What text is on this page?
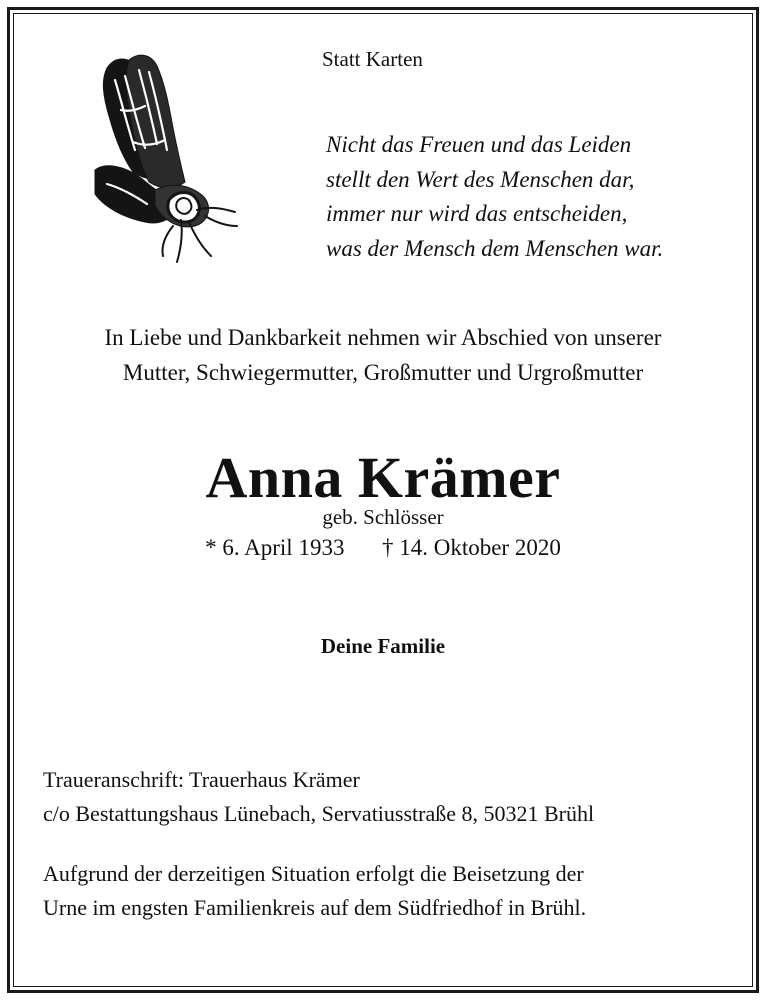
Statt Karten
Nicht das Freuen und das Leiden
stellt den Wert des Menschen dar,
immer nur wird das entscheiden,
was der Mensch dem Menschen war.
In Liebe und Dankbarkeit nehmen wir Abschied von unserer
Mutter, Schwiegermutter, Großmutter und Urgroßmutter
Anna Krämer
geb. Schlösser
* 6. April 1933 † 14. Oktober 2020
Deine Familie
Traueranschrift: Trauerhaus Krämer
c/o Bestattungshaus Lünebach, Servatiusstraße 8, 50321 Brühl
Aufgrund der derzeitigen Situation erfolgt die Beisetzung der
Urne im engsten Familienkreis auf dem Südfriedhof in Brühl.
